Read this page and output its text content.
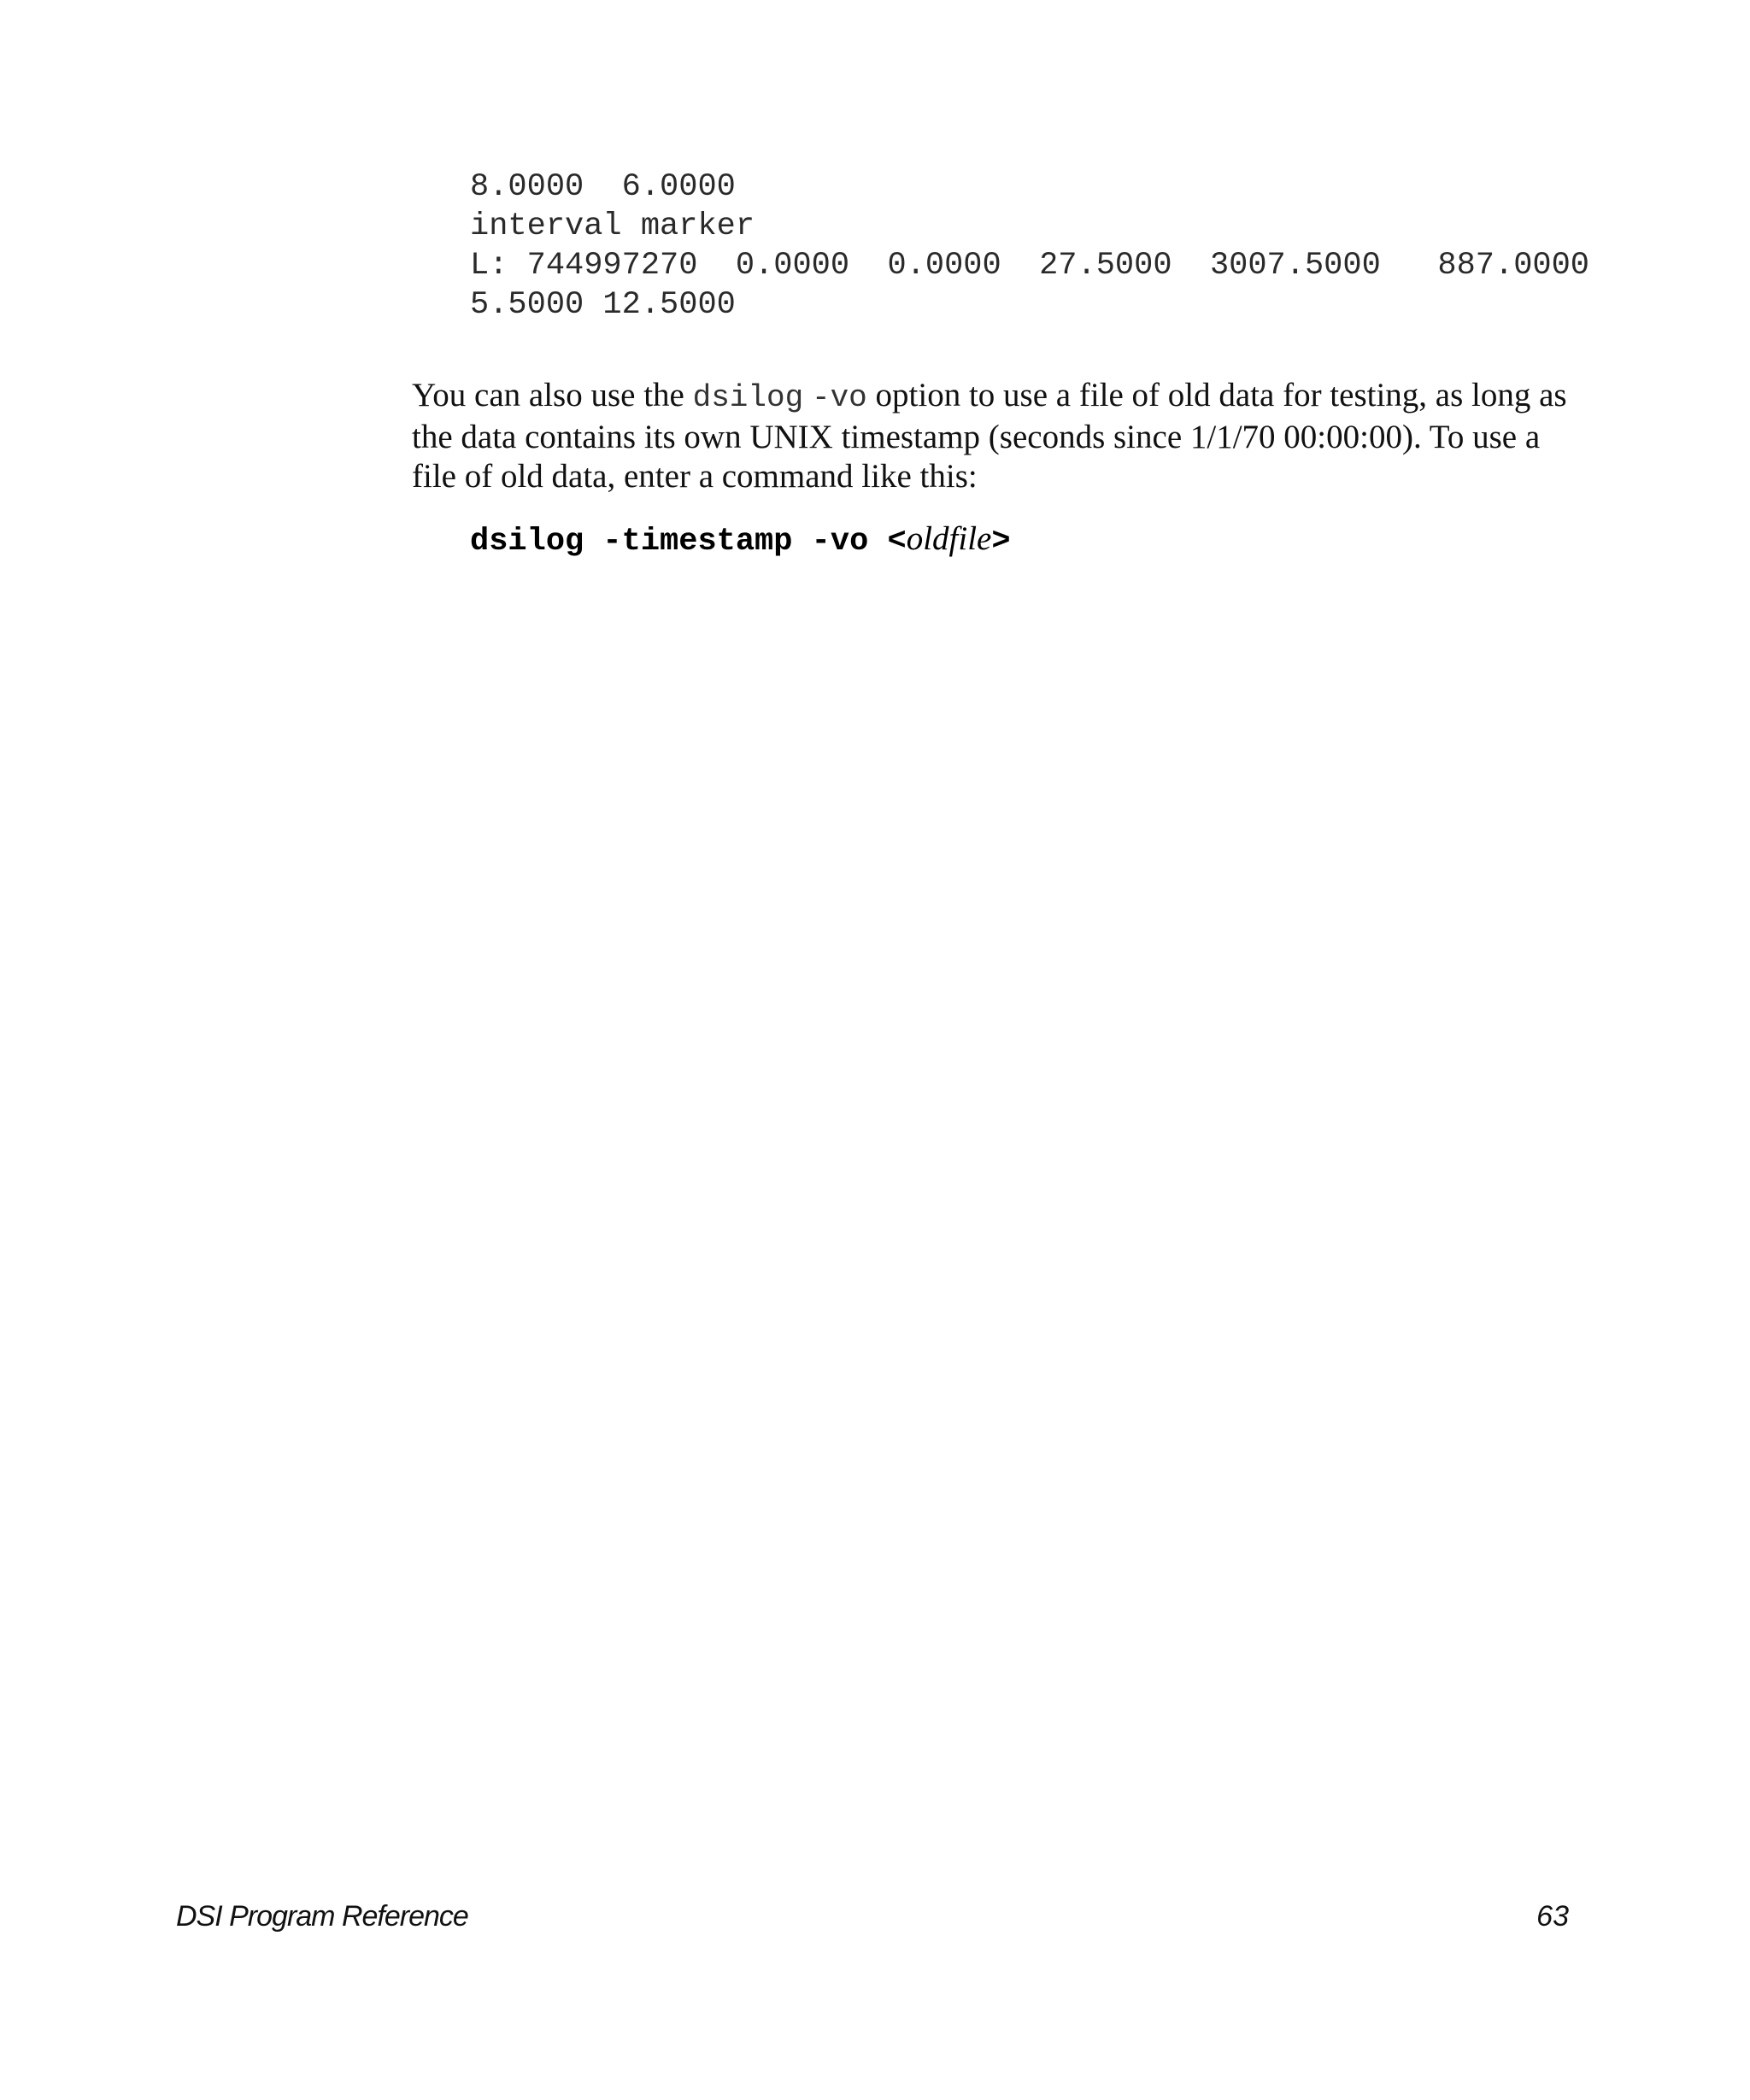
8.0000  6.0000
interval marker
L: 744997270  0.0000  0.0000  27.5000  3007.5000   887.0000
5.5000 12.5000

You can also use the dsilog -vo option to use a file of old data for testing, as long as the data contains its own UNIX timestamp (seconds since 1/1/70 00:00:00). To use a file of old data, enter a command like this:

dsilog -timestamp -vo <oldfile>

DSI Program Reference	63
